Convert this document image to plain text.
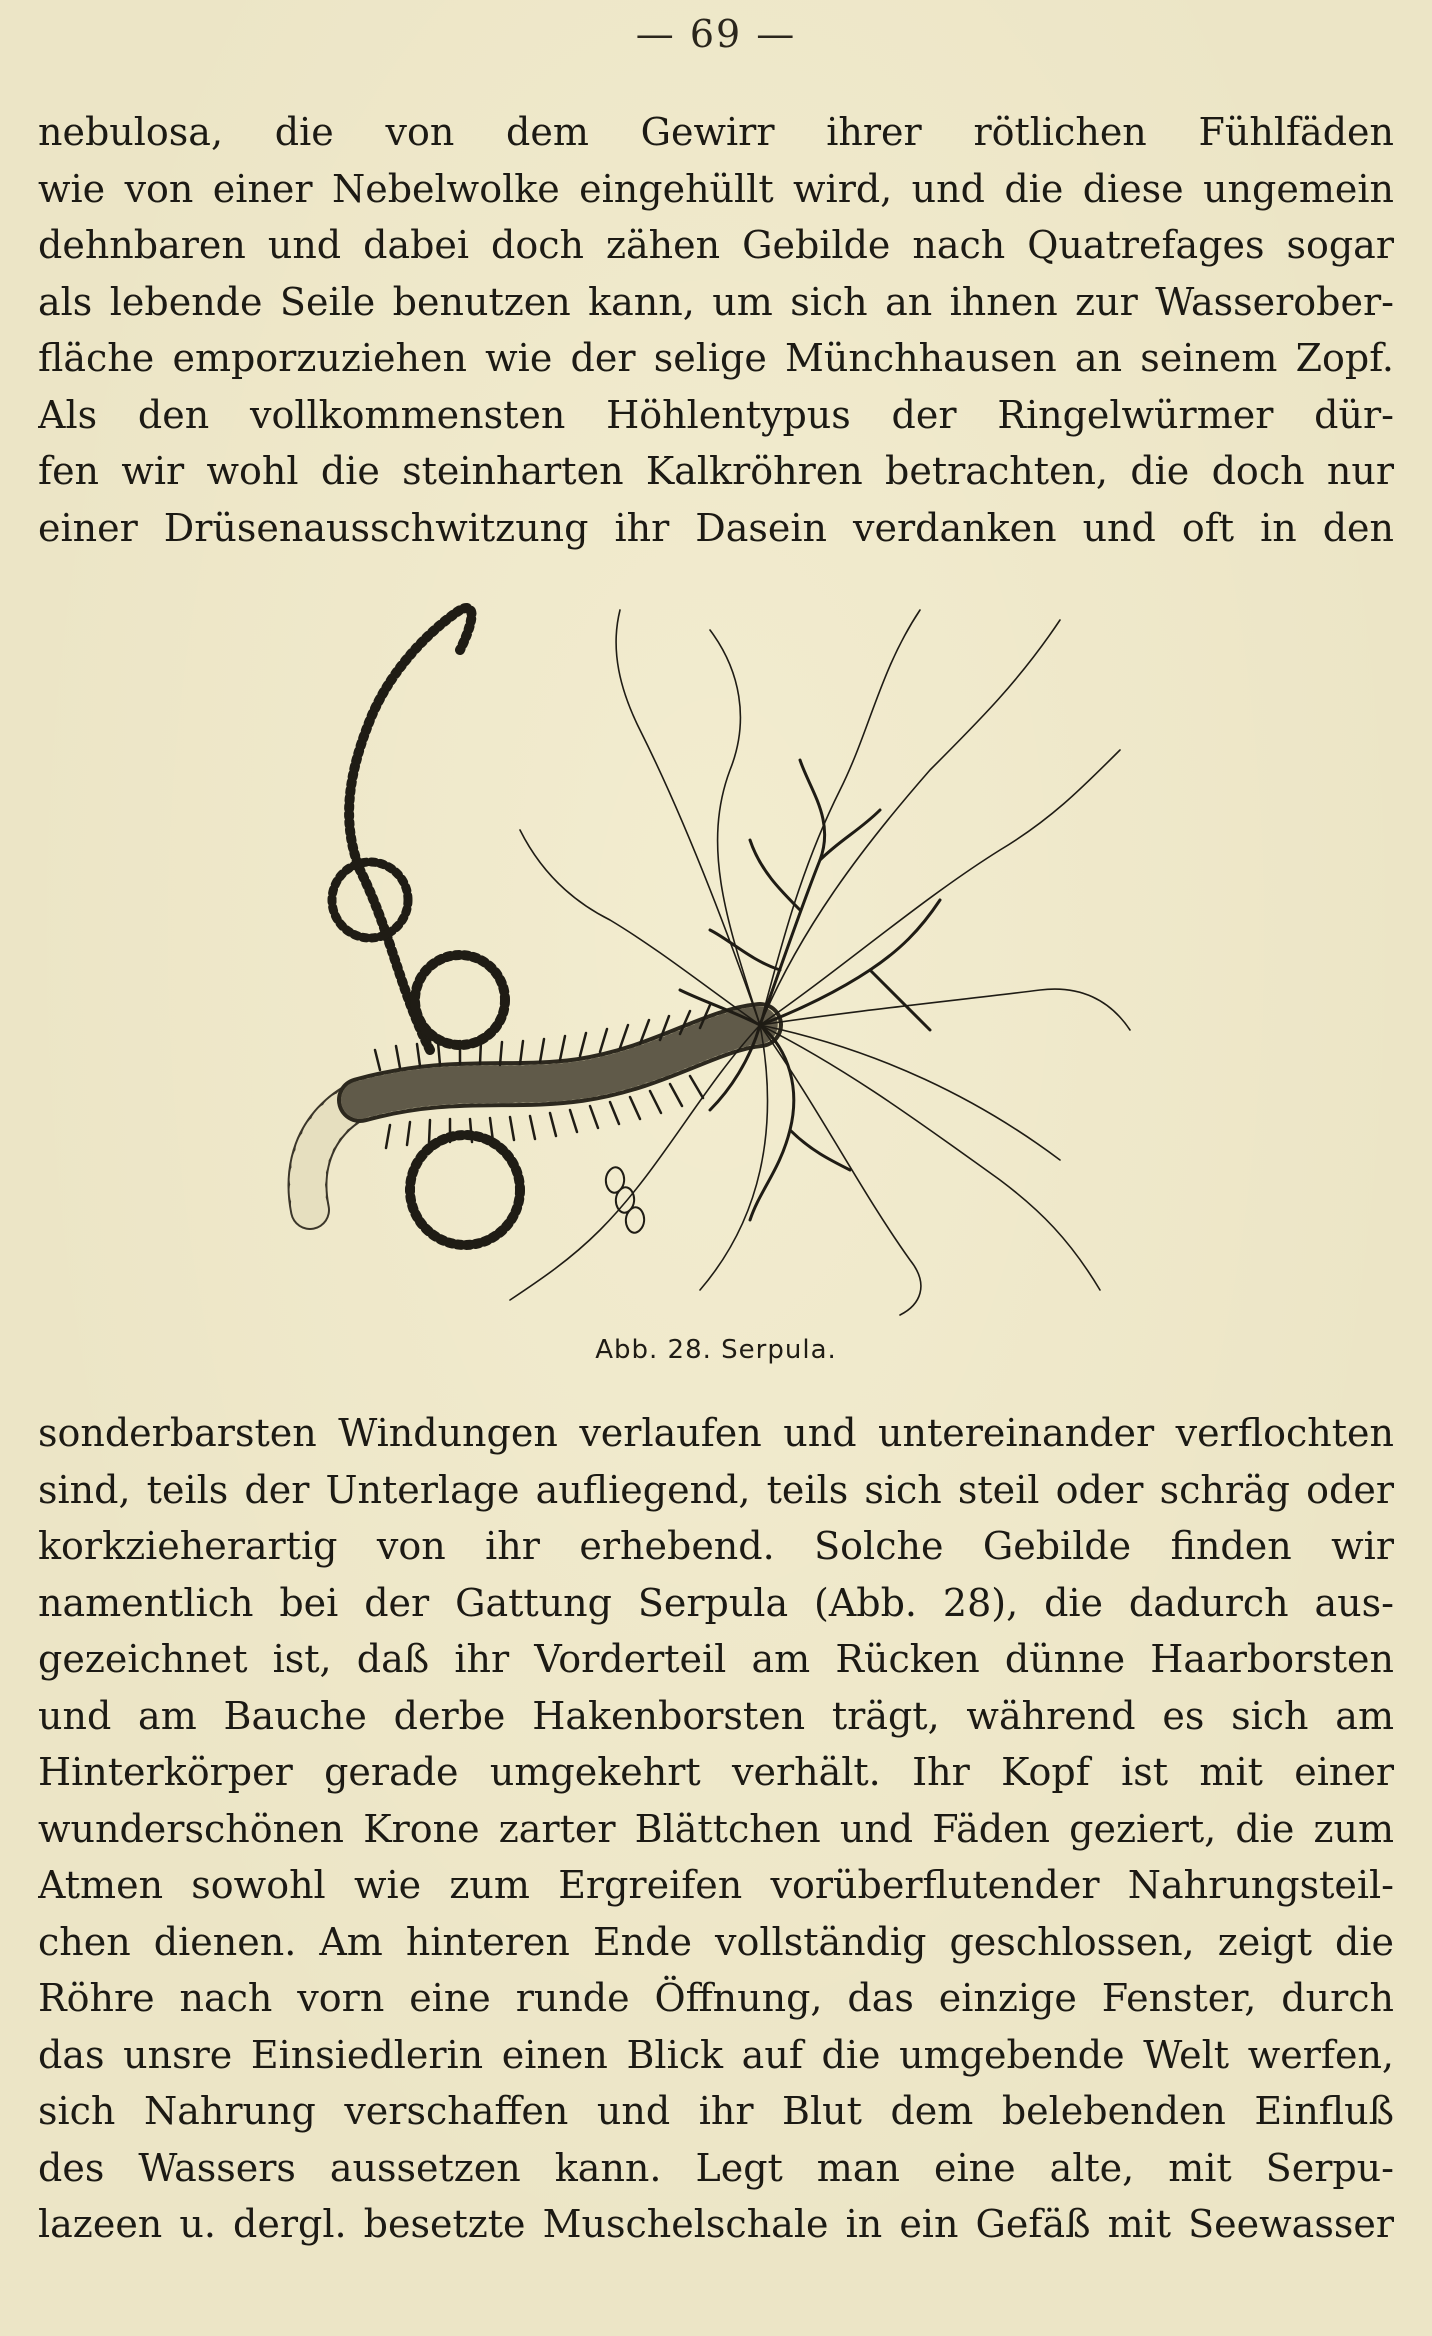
— 69 —
nebulosa, die von dem Gewirr ihrer rötlichen Fühlfäden
wie von einer Nebelwolke eingehüllt wird, und die diese ungemein
dehnbaren und dabei doch zähen Gebilde nach Quatrefages sogar
als lebende Seile benutzen kann, um sich an ihnen zur Wasserober-
fläche emporzuziehen wie der selige Münchhausen an seinem Zopf.
Als den vollkommensten Höhlentypus der Ringelwürmer dür-
fen wir wohl die steinharten Kalkröhren betrachten, die doch nur
einer Drüsenausschwitzung ihr Dasein verdanken und oft in den
Abb. 28. Serpula.
sonderbarsten Windungen verlaufen und untereinander verflochten
sind, teils der Unterlage aufliegend, teils sich steil oder schräg oder
korkzieherartig von ihr erhebend. Solche Gebilde finden wir
namentlich bei der Gattung Serpula (Abb. 28), die dadurch aus-
gezeichnet ist, daß ihr Vorderteil am Rücken dünne Haarborsten
und am Bauche derbe Hakenborsten trägt, während es sich am
Hinterkörper gerade umgekehrt verhält. Ihr Kopf ist mit einer
wunderschönen Krone zarter Blättchen und Fäden geziert, die zum
Atmen sowohl wie zum Ergreifen vorüberflutender Nahrungsteil-
chen dienen. Am hinteren Ende vollständig geschlossen, zeigt die
Röhre nach vorn eine runde Öffnung, das einzige Fenster, durch
das unsre Einsiedlerin einen Blick auf die umgebende Welt werfen,
sich Nahrung verschaffen und ihr Blut dem belebenden Einfluß
des Wassers aussetzen kann. Legt man eine alte, mit Serpu-
lazeen u. dergl. besetzte Muschelschale in ein Gefäß mit Seewasser
